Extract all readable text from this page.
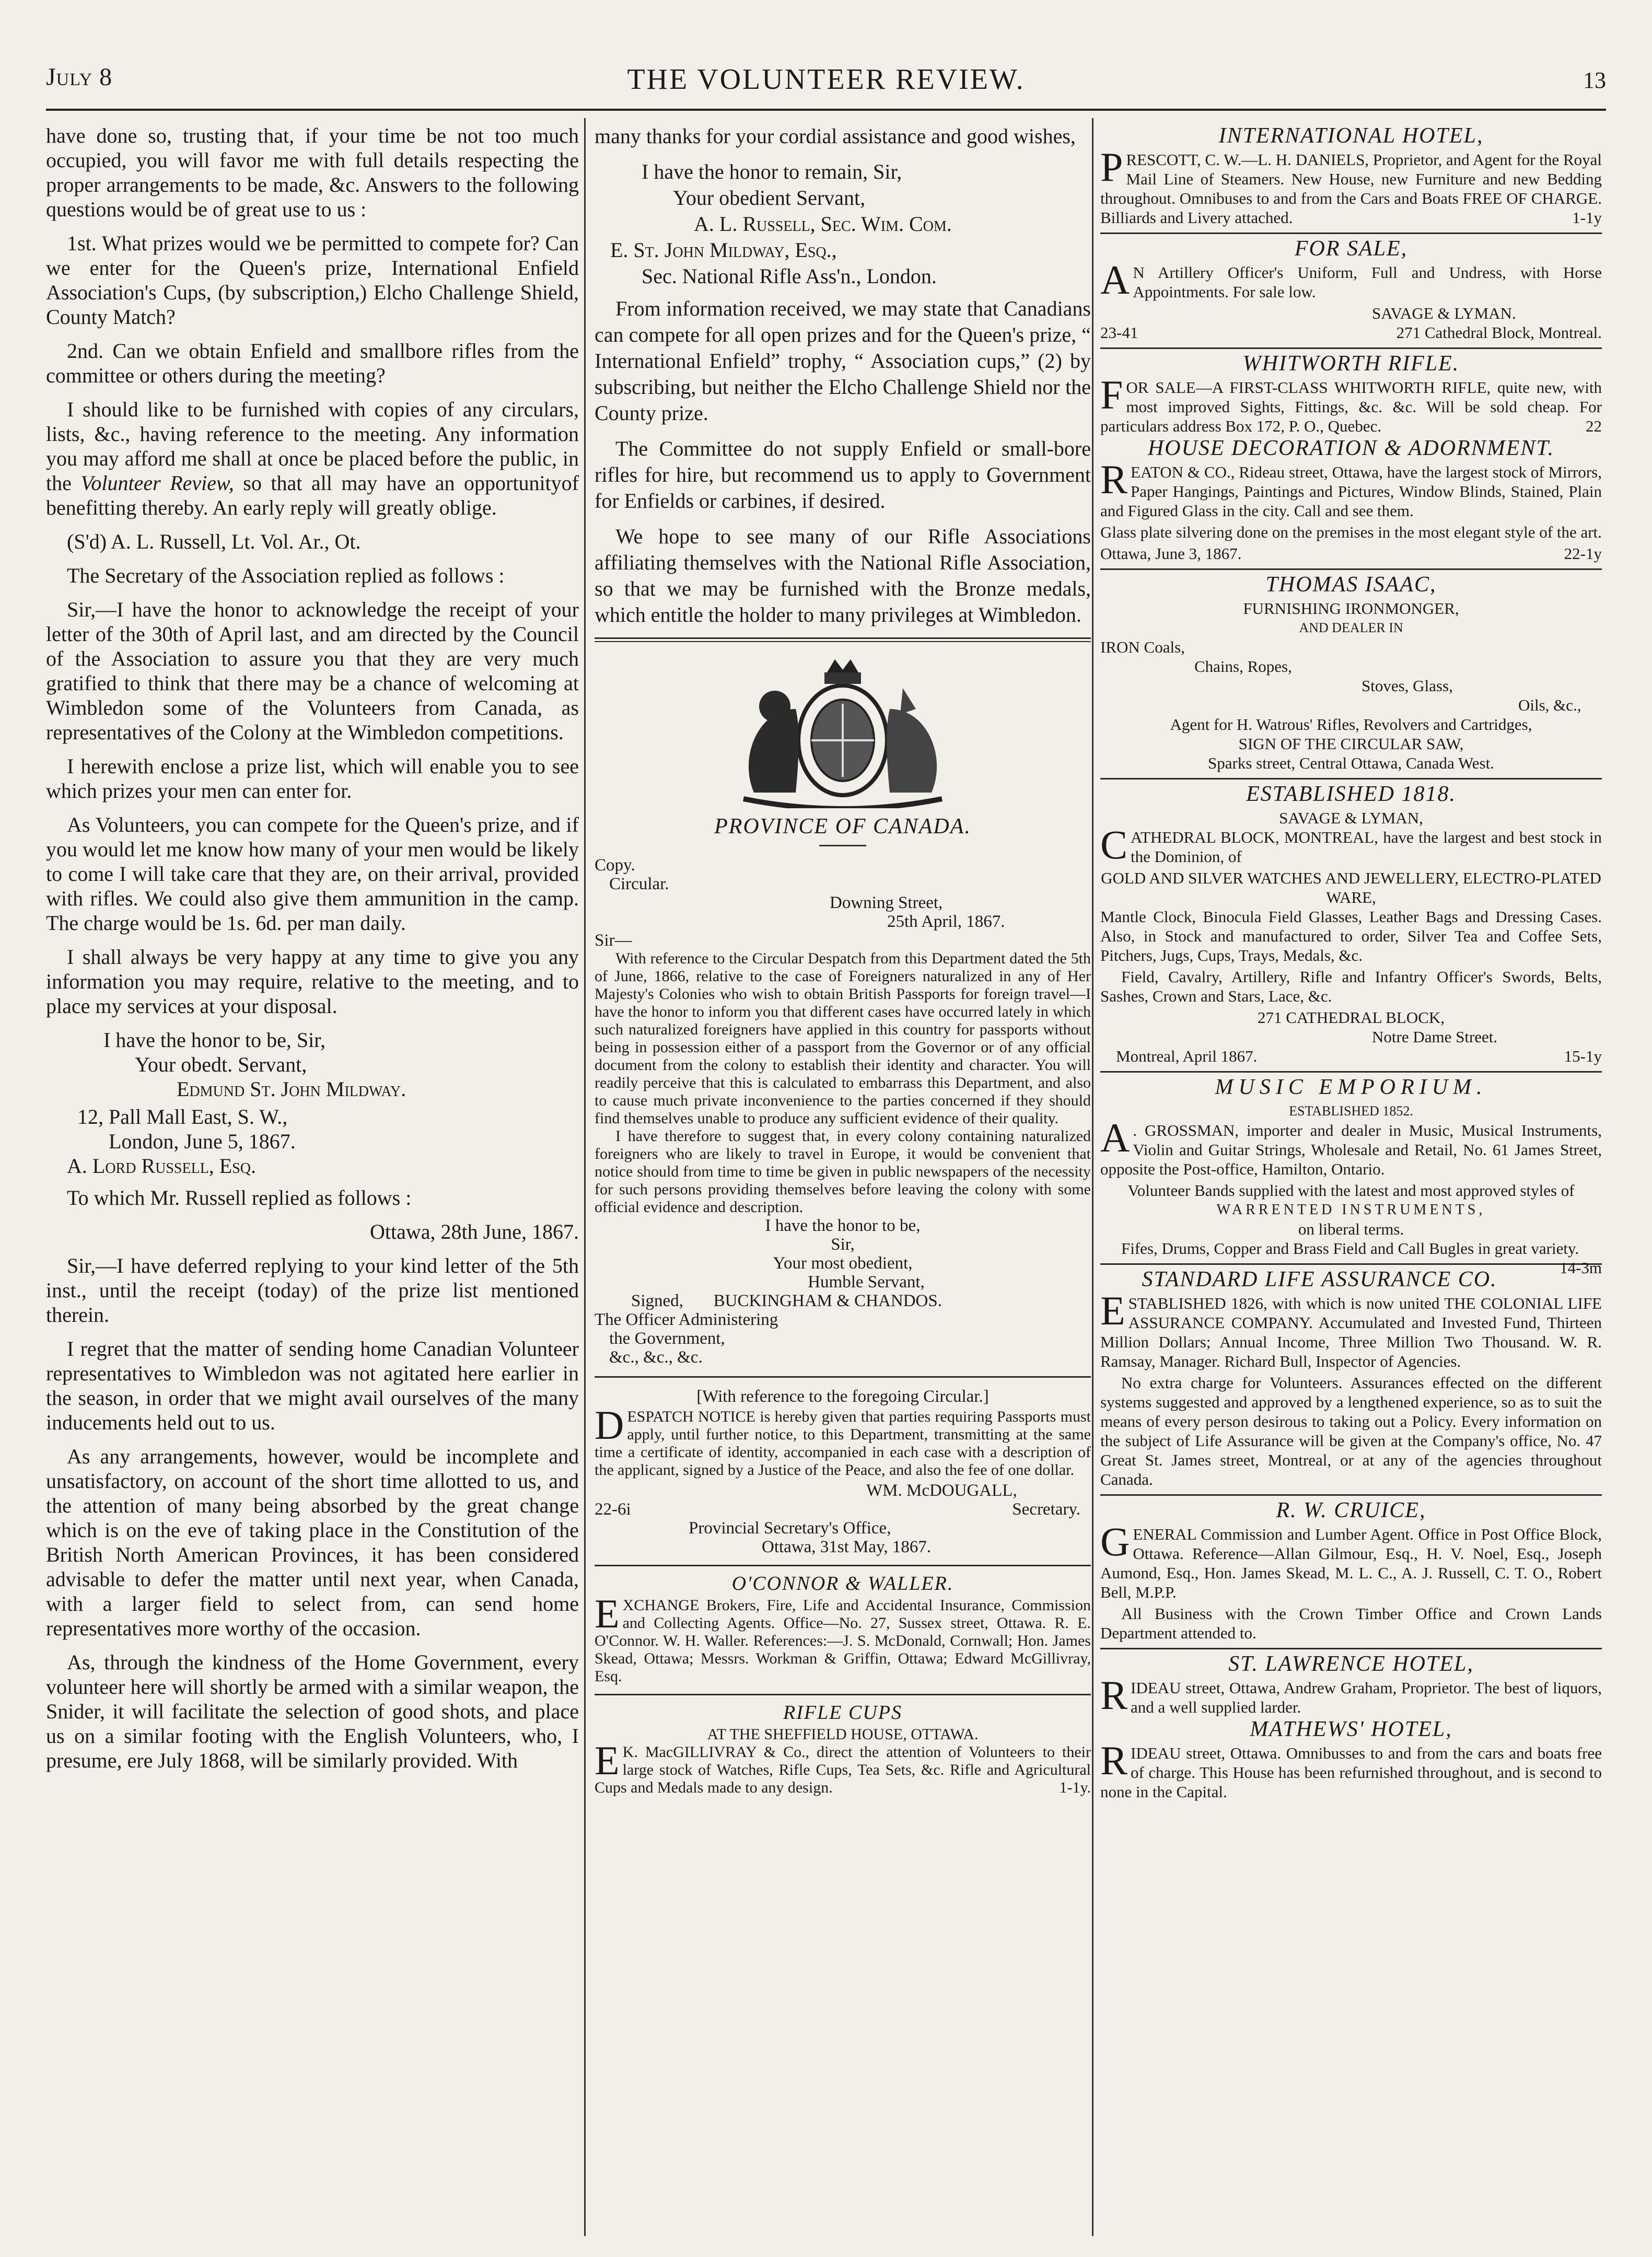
July 8	THE VOLUNTEER REVIEW.	13

have done so, trusting that, if your time be not too much occupied, you will favor me with full details respecting the proper arrangements to be made, &c. Answers to the following questions would be of great use to us :

1st. What prizes would we be permitted to compete for? Can we enter for the Queen's prize, International Enfield Association's Cups, (by subscription,) Elcho Challenge Shield, County Match?

2nd. Can we obtain Enfield and smallbore rifles from the committee or others during the meeting?

I should like to be furnished with copies of any circulars, lists, &c., having reference to the meeting. Any information you may afford me shall at once be placed before the public, in the Volunteer Review, so that all may have an opportunityof benefitting thereby. An early reply will greatly oblige.

(S'd) A. L. Russell, Lt. Vol. Ar., Ot.

The Secretary of the Association replied as follows :

Sir,—I have the honor to acknowledge the receipt of your letter of the 30th of April last, and am directed by the Council of the Association to assure you that they are very much gratified to think that there may be a chance of welcoming at Wimbledon some of the Volunteers from Canada, as representatives of the Colony at the Wimbledon competitions.

I herewith enclose a prize list, which will enable you to see which prizes your men can enter for.

As Volunteers, you can compete for the Queen's prize, and if you would let me know how many of your men would be likely to come I will take care that they are, on their arrival, provided with rifles. We could also give them ammunition in the camp. The charge would be 1s. 6d. per man daily.

I shall always be very happy at any time to give you any information you may require, relative to the meeting, and to place my services at your disposal.

I have the honor to be, Sir,
Your obedt. Servant,
Edmund St. John Mildway.
12, Pall Mall East, S. W.,
London, June 5, 1867.
A. Lord Russell, Esq.

To which Mr. Russell replied as follows :

Ottawa, 28th June, 1867.

Sir,—I have deferred replying to your kind letter of the 5th inst., until the receipt (today) of the prize list mentioned therein.

I regret that the matter of sending home Canadian Volunteer representatives to Wimbledon was not agitated here earlier in the season, in order that we might avail ourselves of the many inducements held out to us.

As any arrangements, however, would be incomplete and unsatisfactory, on account of the short time allotted to us, and the attention of many being absorbed by the great change which is on the eve of taking place in the Constitution of the British North American Provinces, it has been considered advisable to defer the matter until next year, when Canada, with a larger field to select from, can send home representatives more worthy of the occasion.

As, through the kindness of the Home Government, every volunteer here will shortly be armed with a similar weapon, the Snider, it will facilitate the selection of good shots, and place us on a similar footing with the English Volunteers, who, I presume, ere July 1868, will be similarly provided. With

many thanks for your cordial assistance and good wishes,

I have the honor to remain, Sir,
Your obedient Servant,
A. L. Russell, Sec. Wim. Com.
E. St. John Mildway, Esq.,
Sec. National Rifle Ass'n., London.

From information received, we may state that Canadians can compete for all open prizes and for the Queen's prize, “ International Enfield” trophy, “ Association cups,” (2) by subscribing, but neither the Elcho Challenge Shield nor the County prize.

The Committee do not supply Enfield or small-bore rifles for hire, but recommend us to apply to Government for Enfields or carbines, if desired.

We hope to see many of our Rifle Associations affiliating themselves with the National Rifle Association, so that we may be furnished with the Bronze medals, which entitle the holder to many privileges at Wimbledon.

PROVINCE OF CANADA.
Copy.
Circular.
Downing Street,
25th April, 1867.
Sir—

With reference to the Circular Despatch from this Department dated the 5th of June, 1866, relative to the case of Foreigners naturalized in any of Her Majesty's Colonies who wish to obtain British Passports for foreign travel—I have the honor to inform you that different cases have occurred lately in which such naturalized foreigners have applied in this country for passports without being in possession either of a passport from the Governor or of any official document from the colony to establish their identity and character. You will readily perceive that this is calculated to embarrass this Department, and also to cause much private inconvenience to the parties concerned if they should find themselves unable to produce any sufficient evidence of their quality.

I have therefore to suggest that, in every colony containing naturalized foreigners who are likely to travel in Europe, it would be convenient that notice should from time to time be given in public newspapers of the necessity for such persons providing themselves before leaving the colony with some official evidence and description.

I have the honor to be,
Sir,
Your most obedient,
Humble Servant,
Signed, BUCKINGHAM & CHANDOS.
The Officer Administering
the Government,
&c., &c., &c.

[With reference to the foregoing Circular.]

DESPATCH NOTICE is hereby given that parties requiring Passports must apply, until further notice, to this Department, transmitting at the same time a certificate of identity, accompanied in each case with a description of the applicant, signed by a Justice of the Peace, and also the fee of one dollar.

WM. McDOUGALL,
22-6i	Secretary.
Provincial Secretary's Office,
Ottawa, 31st May, 1867.
O'CONNOR & WALLER.

EXCHANGE Brokers, Fire, Life and Accidental Insurance, Commission and Collecting Agents. Office—No. 27, Sussex street, Ottawa. R. E. O'Connor. W. H. Waller. References:—J. S. McDonald, Cornwall; Hon. James Skead, Ottawa; Messrs. Workman & Griffin, Ottawa; Edward McGillivray, Esq.

RIFLE CUPS
AT THE SHEFFIELD HOUSE, OTTAWA.

E K. MacGILLIVRAY & Co., direct the attention of Volunteers to their large stock of Watches, Rifle Cups, Tea Sets, &c. Rifle and Agricultural Cups and Medals made to any design.	1-1y.

INTERNATIONAL HOTEL,

PRESCOTT, C. W.—L. H. DANIELS, Proprietor, and Agent for the Royal Mail Line of Steamers. New House, new Furniture and new Bedding throughout. Omnibuses to and from the Cars and Boats FREE OF CHARGE. Billiards and Livery attached.	1-1y

FOR SALE,

A N Artillery Officer's Uniform, Full and Undress, with Horse Appointments. For sale low.

SAVAGE & LYMAN.
23-41	271 Cathedral Block, Montreal.
WHITWORTH RIFLE.

FOR SALE—A FIRST-CLASS WHITWORTH RIFLE, quite new, with most improved Sights, Fittings, &c. &c. Will be sold cheap. For particulars address Box 172, P. O., Quebec.	22

HOUSE DECORATION & ADORNMENT.

REATON & CO., Rideau street, Ottawa, have the largest stock of Mirrors, Paper Hangings, Paintings and Pictures, Window Blinds, Stained, Plain and Figured Glass in the city. Call and see them.

Glass plate silvering done on the premises in the most elegant style of the art.

Ottawa, June 3, 1867.	22-1y
THOMAS ISAAC,
FURNISHING IRONMONGER,
AND DEALER IN
IRON Coals,
Chains, Ropes,
Stoves, Glass,
Oils, &c.,
Agent for H. Watrous' Rifles, Revolvers and Cartridges,
SIGN OF THE CIRCULAR SAW,
Sparks street, Central Ottawa, Canada West.
ESTABLISHED 1818.
SAVAGE & LYMAN,

CATHEDRAL BLOCK, MONTREAL, have the largest and best stock in the Dominion, of

GOLD AND SILVER WATCHES AND JEWELLERY, ELECTRO-PLATED WARE,

Mantle Clock, Binocula Field Glasses, Leather Bags and Dressing Cases. Also, in Stock and manufactured to order, Silver Tea and Coffee Sets, Pitchers, Jugs, Cups, Trays, Medals, &c.

Field, Cavalry, Artillery, Rifle and Infantry Officer's Swords, Belts, Sashes, Crown and Stars, Lace, &c.

271 CATHEDRAL BLOCK,
Notre Dame Street.
Montreal, April 1867.	15-1y
MUSIC EMPORIUM.
ESTABLISHED 1852.

A . GROSSMAN, importer and dealer in Music, Musical Instruments, Violin and Guitar Strings, Wholesale and Retail, No. 61 James Street, opposite the Post-office, Hamilton, Ontario.

Volunteer Bands supplied with the latest and most approved styles of
WARRENTED INSTRUMENTS,
on liberal terms.

Fifes, Drums, Copper and Brass Field and Call Bugles in great variety.
14-3m

STANDARD LIFE ASSURANCE CO.

ESTABLISHED 1826, with which is now united THE COLONIAL LIFE ASSURANCE COMPANY. Accumulated and Invested Fund, Thirteen Million Dollars; Annual Income, Three Million Two Thousand. W. R. Ramsay, Manager. Richard Bull, Inspector of Agencies.

No extra charge for Volunteers. Assurances effected on the different systems suggested and approved by a lengthened experience, so as to suit the means of every person desirous to taking out a Policy. Every information on the subject of Life Assurance will be given at the Company's office, No. 47 Great St. James street, Montreal, or at any of the agencies throughout Canada.

R. W. CRUICE,

GENERAL Commission and Lumber Agent. Office in Post Office Block, Ottawa. Reference—Allan Gilmour, Esq., H. V. Noel, Esq., Joseph Aumond, Esq., Hon. James Skead, M. L. C., A. J. Russell, C. T. O., Robert Bell, M.P.P.

All Business with the Crown Timber Office and Crown Lands Department attended to.

ST. LAWRENCE HOTEL,

RIDEAU street, Ottawa, Andrew Graham, Proprietor. The best of liquors, and a well supplied larder.

MATHEWS' HOTEL,

RIDEAU street, Ottawa. Omnibusses to and from the cars and boats free of charge. This House has been refurnished throughout, and is second to none in the Capital.
